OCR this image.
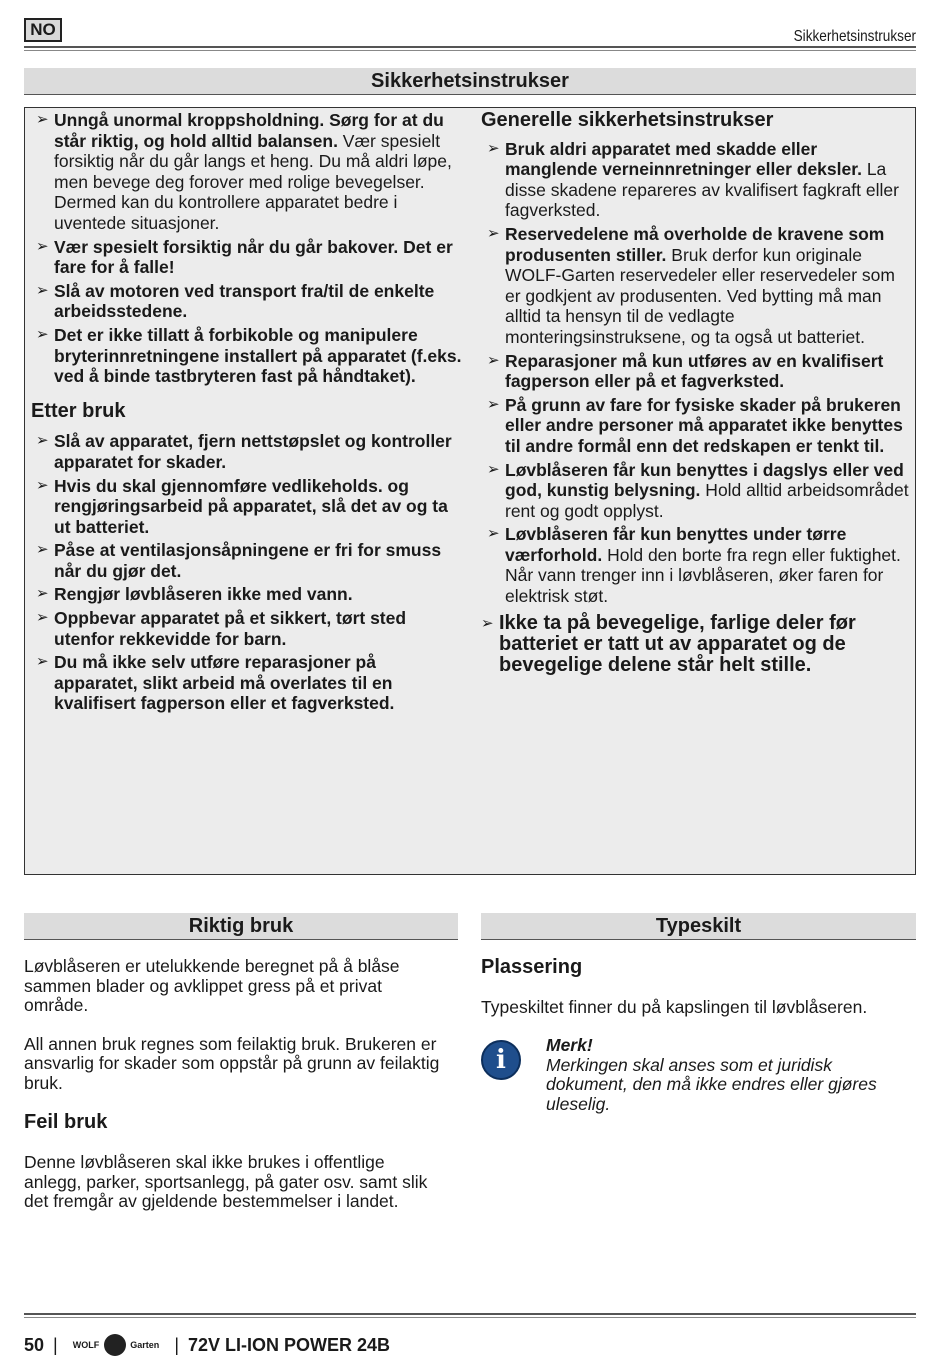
NO	Sikkerhetsinstrukser
Sikkerhetsinstrukser
➢ Unngå unormal kroppsholdning. Sørg for at du står riktig, og hold alltid balansen. Vær spesielt forsiktig når du går langs et heng. Du må aldri løpe, men bevege deg forover med rolige bevegelser. Dermed kan du kontrollere apparatet bedre i uventede situasjoner.
➢ Vær spesielt forsiktig når du går bakover. Det er fare for å falle!
➢ Slå av motoren ved transport fra/til de enkelte arbeidsstedene.
➢ Det er ikke tillatt å forbikoble og manipulere bryterinnretningene installert på apparatet (f.eks. ved å binde tastbryteren fast på håndtaket).
Etter bruk
➢ Slå av apparatet, fjern nettstøpslet og kontroller apparatet for skader.
➢ Hvis du skal gjennomføre vedlikeholds. og rengjøringsarbeid på apparatet, slå det av og ta ut batteriet.
➢ Påse at ventilasjonsåpningene er fri for smuss når du gjør det.
➢ Rengjør løvblåseren ikke med vann.
➢ Oppbevar apparatet på et sikkert, tørt sted utenfor rekkevidde for barn.
➢ Du må ikke selv utføre reparasjoner på apparatet, slikt arbeid må overlates til en kvalifisert fagperson eller et fagverksted.
Generelle sikkerhetsinstrukser
➢ Bruk aldri apparatet med skadde eller manglende verneinnretninger eller deksler. La disse skadene repareres av kvalifisert fagkraft eller fagverksted.
➢ Reservedelene må overholde de kravene som produsenten stiller. Bruk derfor kun originale WOLF-Garten reservedeler eller reservedeler som er godkjent av produsenten. Ved bytting må man alltid ta hensyn til de vedlagte monteringsinstruksene, og ta også ut batteriet.
➢ Reparasjoner må kun utføres av en kvalifisert fagperson eller på et fagverksted.
➢ På grunn av fare for fysiske skader på brukeren eller andre personer må apparatet ikke benyttes til andre formål enn det redskapen er tenkt til.
➢ Løvblåseren får kun benyttes i dagslys eller ved god, kunstig belysning. Hold alltid arbeidsområdet rent og godt opplyst.
➢ Løvblåseren får kun benyttes under tørre værforhold. Hold den borte fra regn eller fuktighet. Når vann trenger inn i løvblåseren, øker faren for elektrisk støt.
➢ Ikke ta på bevegelige, farlige deler før batteriet er tatt ut av apparatet og de bevegelige delene står helt stille.
Riktig bruk

Løvblåseren er utelukkende beregnet på å blåse sammen blader og avklippet gress på et privat område.

All annen bruk regnes som feilaktig bruk. Brukeren er ansvarlig for skader som oppstår på grunn av feilaktig bruk.

Feil bruk

Denne løvblåseren skal ikke brukes i offentlige anlegg, parker, sportsanlegg, på gater osv. samt slik det fremgår av gjeldende bestemmelser i landet.

Typeskilt
Plassering

Typeskiltet finner du på kapslingen til løvblåseren.

i	Merk!
Merkingen skal anses som et juridisk dokument, den må ikke endres eller gjøres uleselig.
50 | WOLF	Garten | 72V LI-ION POWER 24B
